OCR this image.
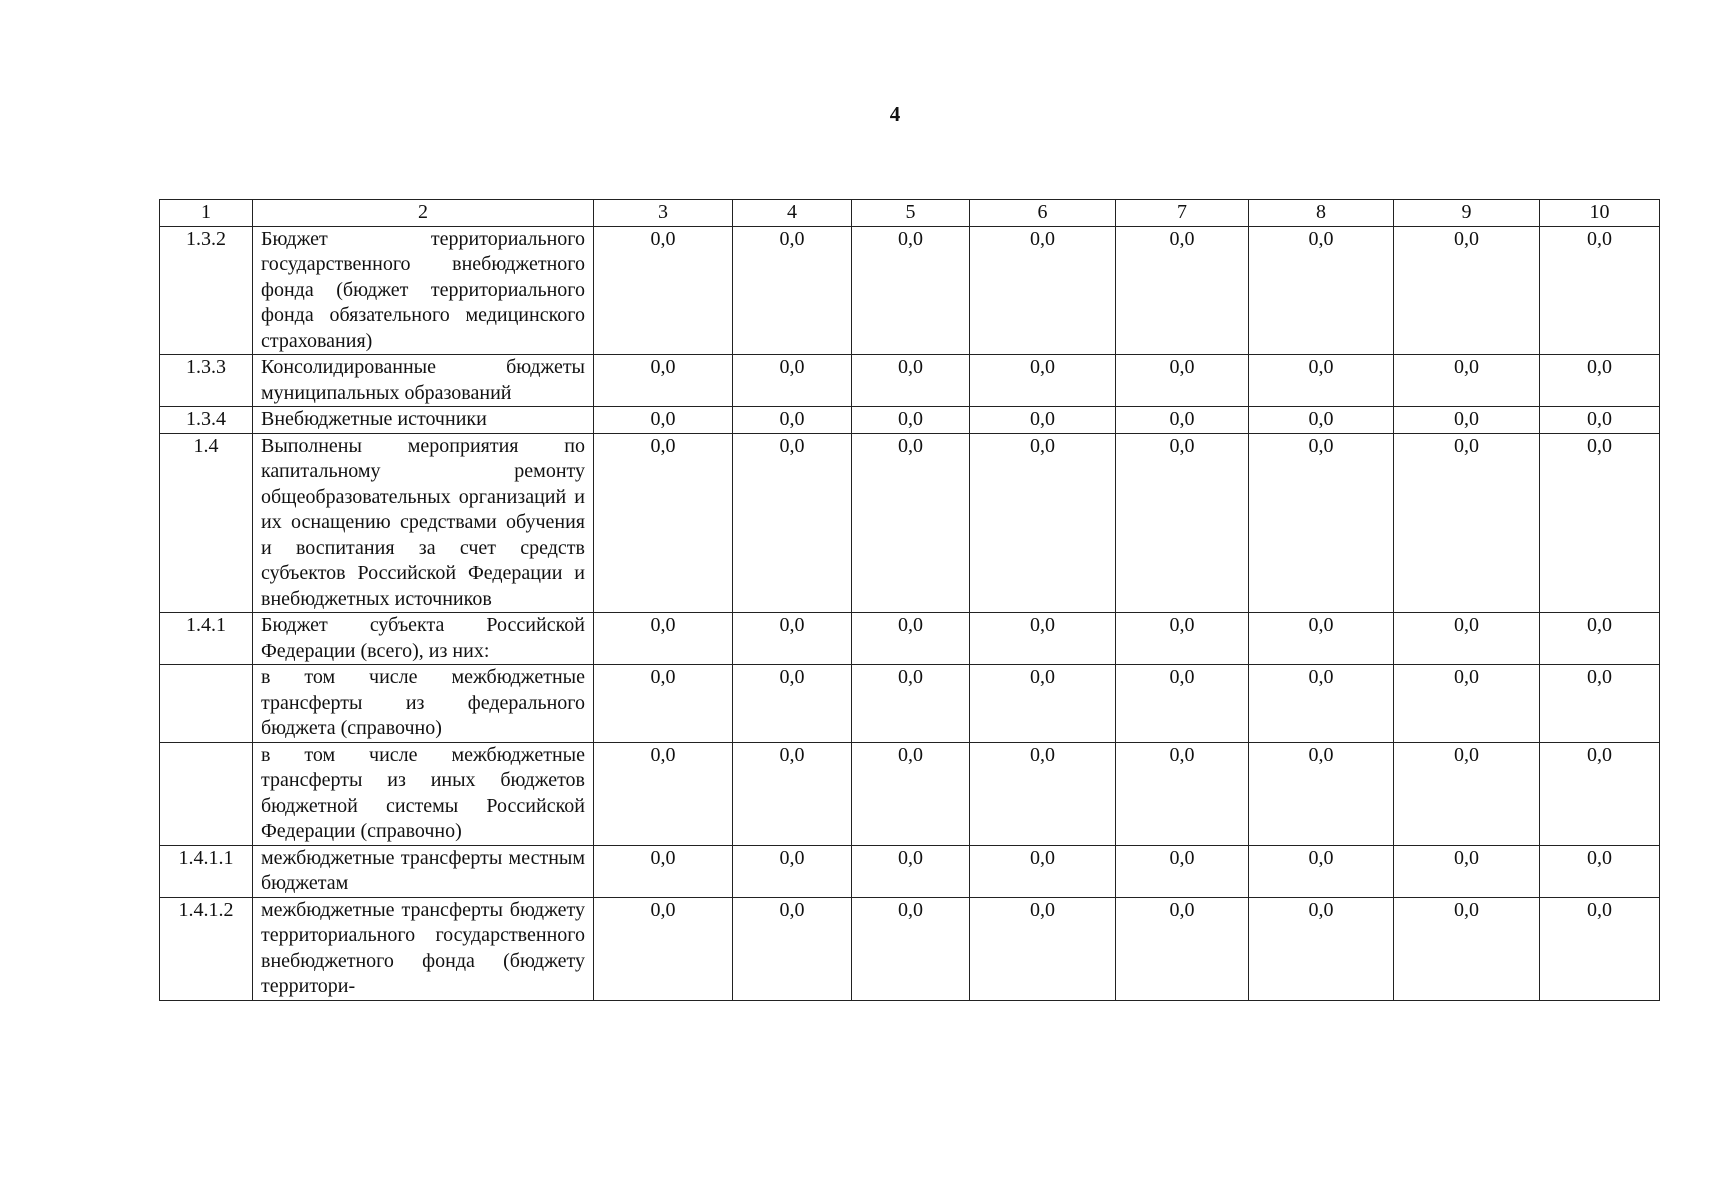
4
1	2	3	4	5	6	7	8	9	10
1.3.2	Бюджет территориального государственного внебюджетного фонда (бюджет территориального фонда обязательного медицинского страхования)	0,0	0,0	0,0	0,0	0,0	0,0	0,0	0,0
1.3.3	Консолидированные бюджеты муниципальных образований	0,0	0,0	0,0	0,0	0,0	0,0	0,0	0,0
1.3.4	Внебюджетные источники	0,0	0,0	0,0	0,0	0,0	0,0	0,0	0,0
1.4	Выполнены мероприятия по капитальному ремонту общеобразовательных организаций и их оснащению средствами обучения и воспитания за счет средств субъектов Российской Федерации и внебюджетных источников	0,0	0,0	0,0	0,0	0,0	0,0	0,0	0,0
1.4.1	Бюджет субъекта Российской Федерации (всего), из них:	0,0	0,0	0,0	0,0	0,0	0,0	0,0	0,0
	в том числе межбюджетные трансферты из федерального бюджета (справочно)	0,0	0,0	0,0	0,0	0,0	0,0	0,0	0,0
	в том числе межбюджетные трансферты из иных бюджетов бюджетной системы Российской Федерации (справочно)	0,0	0,0	0,0	0,0	0,0	0,0	0,0	0,0
1.4.1.1	межбюджетные трансферты местным бюджетам	0,0	0,0	0,0	0,0	0,0	0,0	0,0	0,0
1.4.1.2	межбюджетные трансферты бюджету территориального государственного внебюджетного фонда (бюджету территори-	0,0	0,0	0,0	0,0	0,0	0,0	0,0	0,0
